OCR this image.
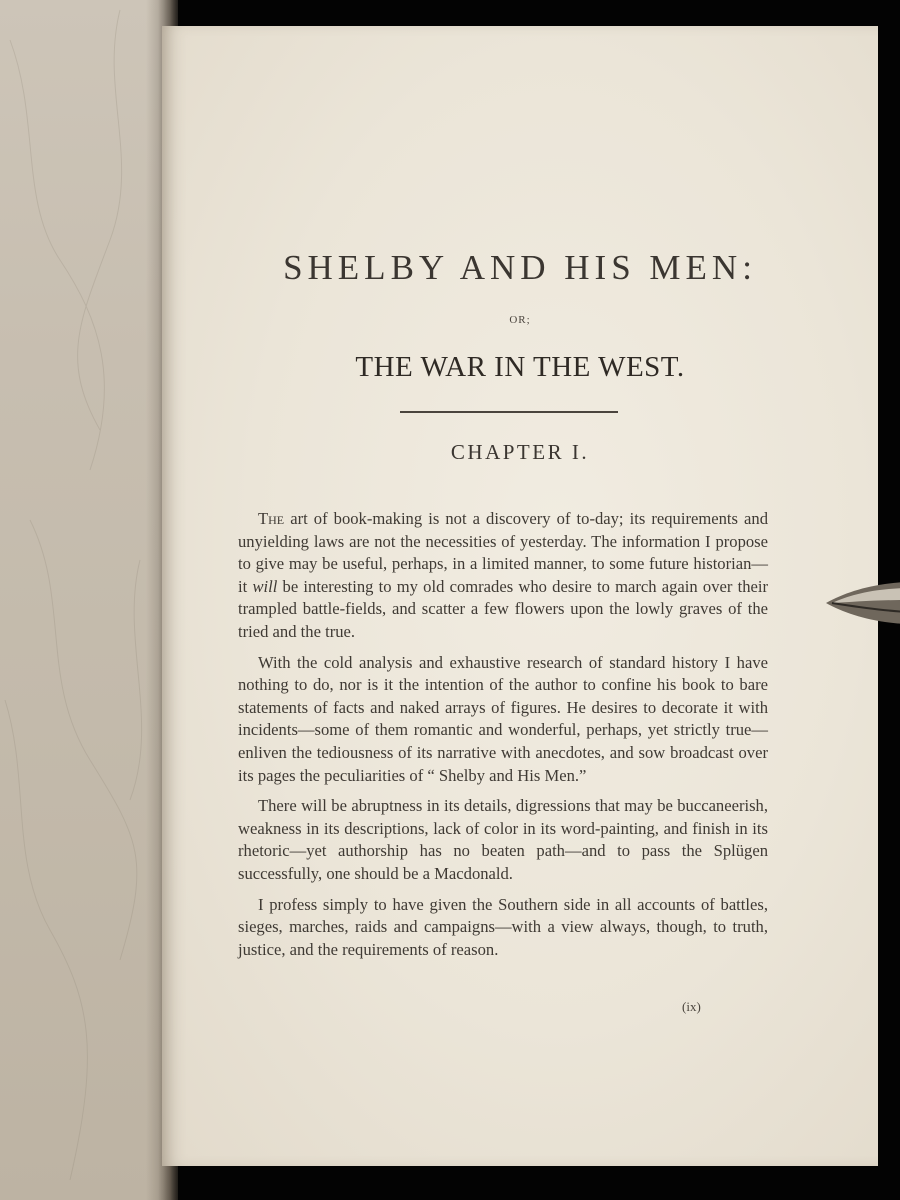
SHELBY AND HIS MEN:
OR;
THE WAR IN THE WEST.
CHAPTER I.

The art of book-making is not a discovery of to-day; its requirements and unyielding laws are not the necessities of yesterday. The information I propose to give may be useful, perhaps, in a limited manner, to some future historian—it will be interesting to my old comrades who desire to march again over their trampled battle-fields, and scatter a few flowers upon the lowly graves of the tried and the true.

With the cold analysis and exhaustive research of standard history I have nothing to do, nor is it the intention of the author to confine his book to bare statements of facts and naked arrays of figures. He desires to decorate it with incidents—some of them romantic and wonderful, perhaps, yet strictly true—enliven the tediousness of its narrative with anecdotes, and sow broadcast over its pages the peculiarities of “ Shelby and His Men.”

There will be abruptness in its details, digressions that may be buccaneerish, weakness in its descriptions, lack of color in its word-painting, and finish in its rhetoric—yet authorship has no beaten path—and to pass the Splügen successfully, one should be a Macdonald.

I profess simply to have given the Southern side in all accounts of battles, sieges, marches, raids and campaigns—with a view always, though, to truth, justice, and the requirements of reason.

(ix)
